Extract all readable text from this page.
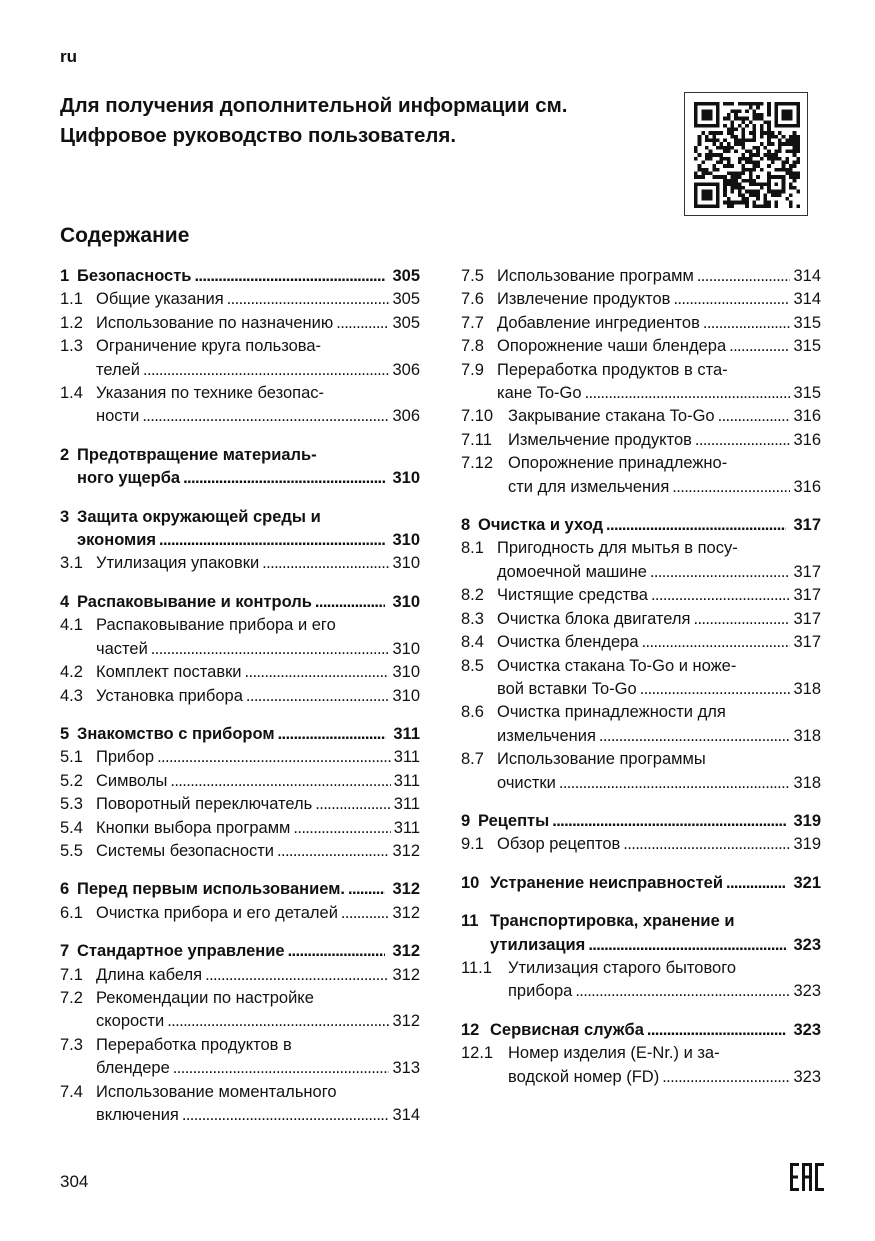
ru
Для получения дополнительной информации см.
Цифровое руководство пользователя.
Содержание
1 Безопасность . . .	305
1.1 Общие указания . . .	305
1.2 Использование по назначению . . .	305
1.3 Ограничение круга пользова-
телей . . .	306
1.4 Указания по технике безопас-
ности . . .	306
2 Предотвращение материаль-
ного ущерба . . .	310
3 Защита окружающей среды и
экономия . . .	310
3.1 Утилизация упаковки . . .	310
4 Распаковывание и контроль . . .	310
4.1 Распаковывание прибора и его
частей . . .	310
4.2 Комплект поставки . . .	310
4.3 Установка прибора . . .	310
5 Знакомство с прибором . . .	311
5.1 Прибор . . .	311
5.2 Символы . . .	311
5.3 Поворотный переключатель . . .	311
5.4 Кнопки выбора программ . . .	311
5.5 Системы безопасности . . .	312
6 Перед первым использованием. . . .	312
6.1 Очистка прибора и его деталей . . .	312
7 Стандартное управление . . .	312
7.1 Длина кабеля . . .	312
7.2 Рекомендации по настройке
скорости . . .	312
7.3 Переработка продуктов в
блендере . . .	313
7.4 Использование моментального
включения . . .	314
7.5 Использование программ . . .	314
7.6 Извлечение продуктов . . .	314
7.7 Добавление ингредиентов . . .	315
7.8 Опорожнение чаши блендера . . .	315
7.9 Переработка продуктов в ста-
кане To-Go . . .	315
7.10 Закрывание стакана To-Go . . .	316
7.11 Измельчение продуктов . . .	316
7.12 Опорожнение принадлежно-
сти для измельчения . . .	316
8 Очистка и уход . . .	317
8.1 Пригодность для мытья в посу-
домоечной машине . . .	317
8.2 Чистящие средства . . .	317
8.3 Очистка блока двигателя . . .	317
8.4 Очистка блендера . . .	317
8.5 Очистка стакана To-Go и ноже-
вой вставки To-Go . . .	318
8.6 Очистка принадлежности для
измельчения . . .	318
8.7 Использование программы
очистки . . .	318
9 Рецепты . . .	319
9.1 Обзор рецептов . . .	319
10 Устранение неисправностей . . .	321
11 Транспортировка, хранение и
утилизация . . .	323
11.1 Утилизация старого бытового
прибора . . .	323
12 Сервисная служба . . .	323
12.1 Номер изделия (E-Nr.) и за-
водской номер (FD) . . .	323
304
